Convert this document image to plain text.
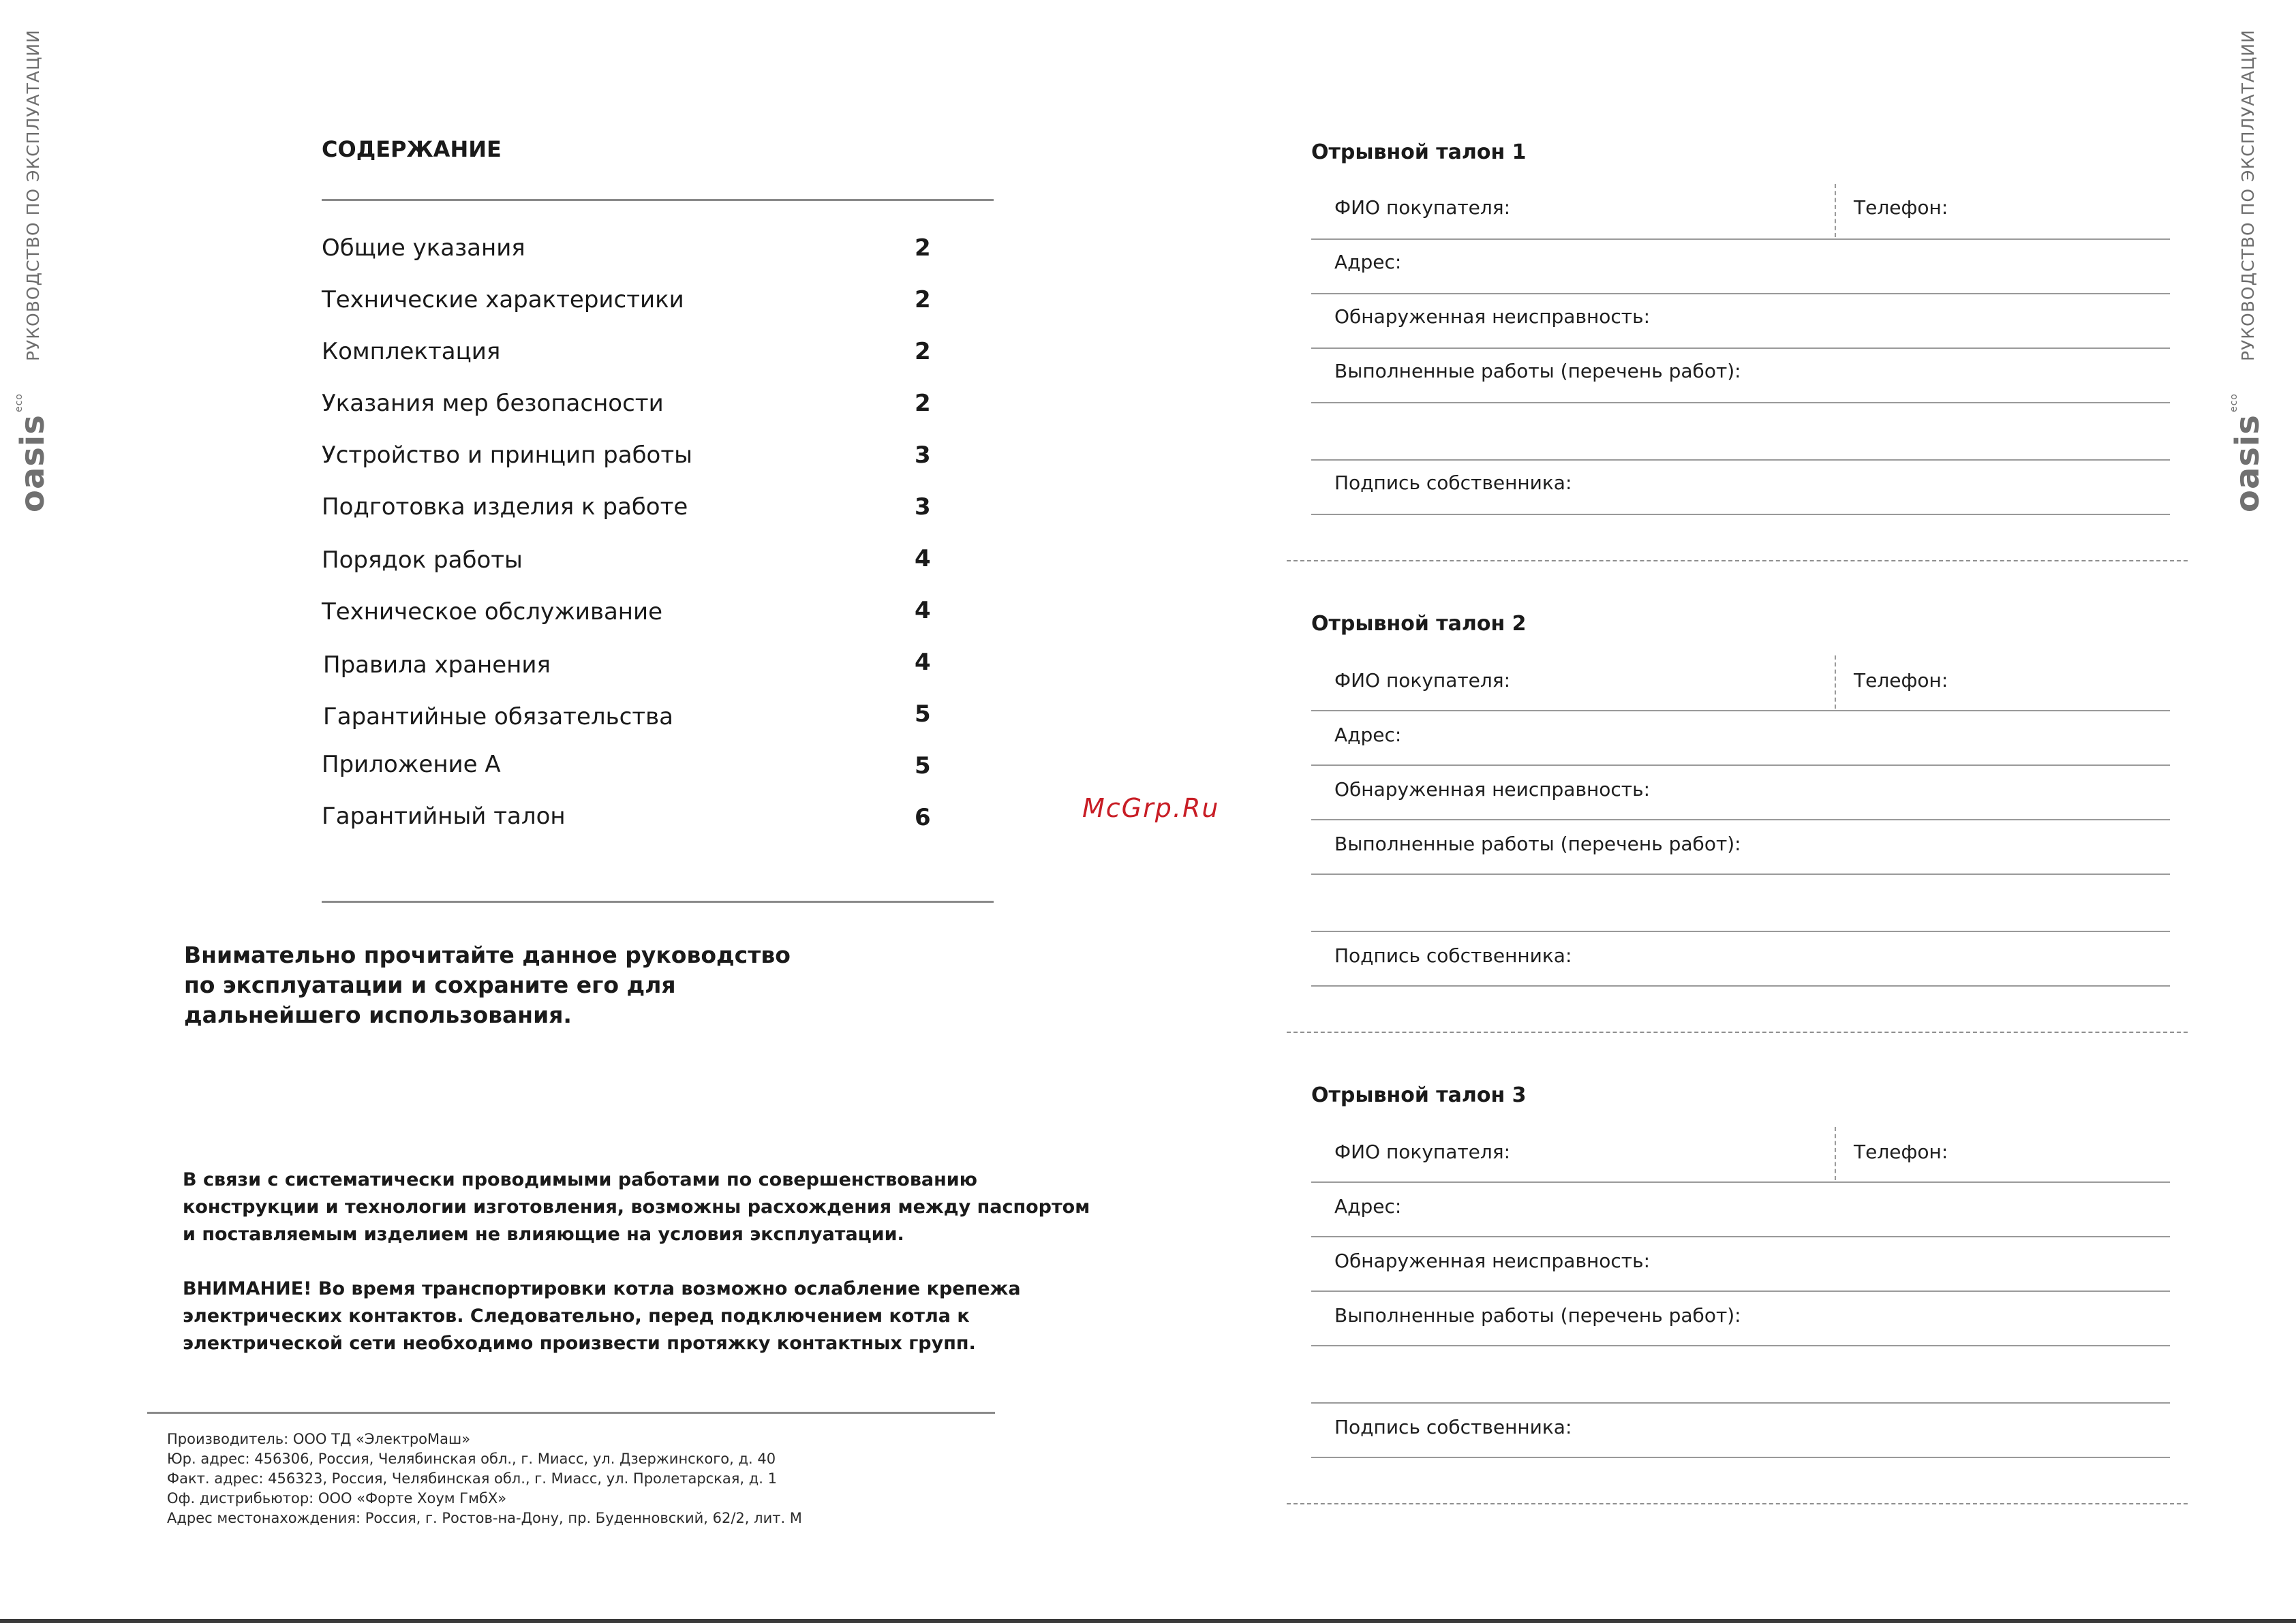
РУКОВОДСТВО ПО ЭКСПЛУАТАЦИИ
oasis$^{eco}$
РУКОВОДСТВО ПО ЭКСПЛУАТАЦИИ
oasis$^{eco}$
СОДЕРЖАНИЕ
Общие указания	2
Технические характеристики	2
Комплектация	2
Указания мер безопасности	2
Устройство и принцип работы	3
Подготовка изделия к работе	3
Порядок работы	4
Техническое обслуживание	4
Правила хранения	4
Гарантийные обязательства	5
Приложение А	5
Гарантийный талон	6
Внимательно прочитайте данное руководство по эксплуатации и сохраните его для дальнейшего использования.
В связи с систематически проводимыми работами по совершенствованию конструкции и технологии изготовления, возможны расхождения между паспортом и поставляемым изделием не влияющие на условия эксплуатации.
ВНИМАНИЕ! Во время транспортировки котла возможно ослабление крепежа электрических контактов. Следовательно, перед подключением котла к электрической сети необходимо произвести протяжку контактных групп.
Производитель: ООО ТД «ЭлектроМаш»
Юр. адрес: 456306, Россия, Челябинская обл., г. Миасс, ул. Дзержинского, д. 40
Факт. адрес: 456323, Россия, Челябинская обл., г. Миасс, ул. Пролетарская, д. 1
Оф. дистрибьютор: ООО «Форте Хоум ГмбХ»
Адрес местонахождения: Россия, г. Ростов-на-Дону, пр. Буденновский, 62/2, лит. М
McGrp.Ru
Отрывной талон 1
ФИО покупателя:	Телефон:
Адрес:
Обнаруженная неисправность:
Выполненные работы (перечень работ):
Подпись собственника:
Отрывной талон 2
ФИО покупателя:	Телефон:
Адрес:
Обнаруженная неисправность:
Выполненные работы (перечень работ):
Подпись собственника:
Отрывной талон 3
ФИО покупателя:	Телефон:
Адрес:
Обнаруженная неисправность:
Выполненные работы (перечень работ):
Подпись собственника:
